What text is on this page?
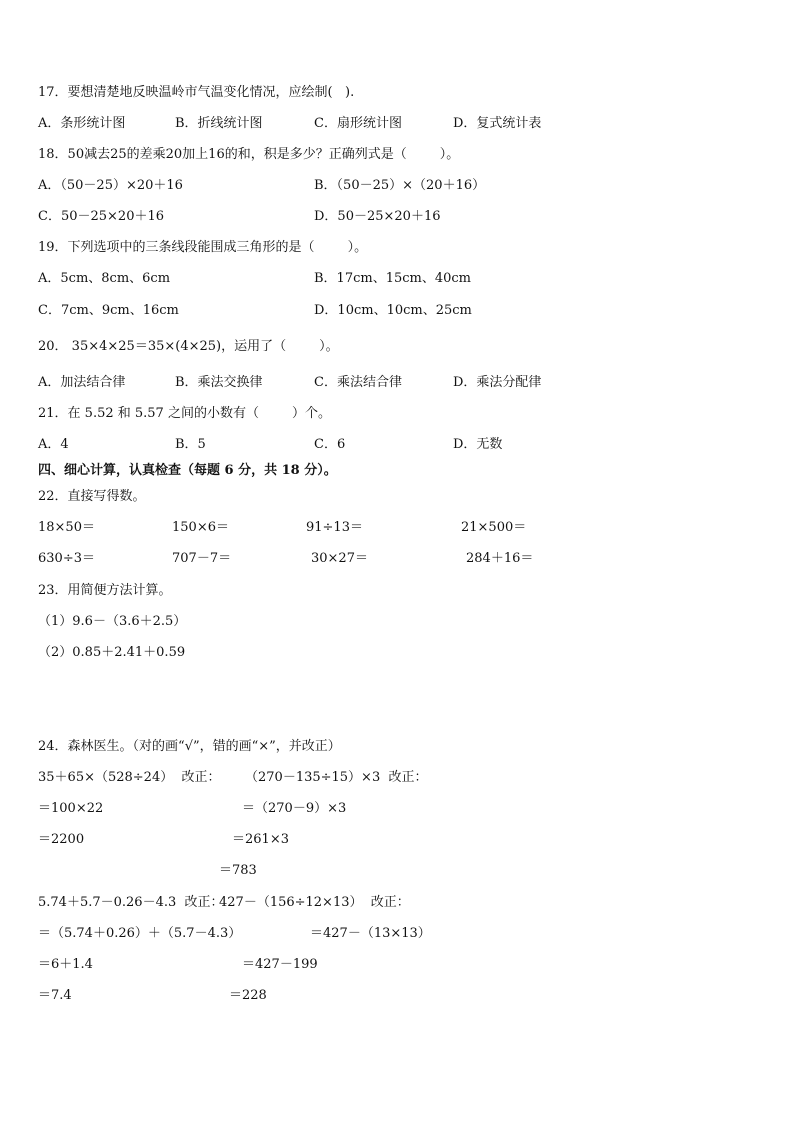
17．要想清楚地反映温岭市气温变化情况，应绘制(   ).
A．条形统计图	B．折线统计图	C．扇形统计图	D．复式统计表
18．50减去25的差乘20加上16的和，积是多少？正确列式是（        ）。
A．（50－25）×20＋16	B．（50－25）×（20＋16）
C．50－25×20＋16	D．50－25×20＋16
19．下列选项中的三条线段能围成三角形的是（        ）。
A．5cm、8cm、6cm	B．17cm、15cm、40cm
C．7cm、9cm、16cm	D．10cm、10cm、25cm
20． 35×4×25＝35×(4×25)，运用了（        ）。
A．加法结合律	B．乘法交换律	C．乘法结合律	D．乘法分配律
21．在 5.52 和 5.57 之间的小数有（        ）个。
A．4	B．5	C．6	D．无数
四、细心计算，认真检查（每题 6 分，共 18 分）。
22．直接写得数。
18×50＝	150×6＝	91÷13＝	21×500＝
630÷3＝	707－7＝	30×27＝	284＋16＝
23．用简便方法计算。
（1）9.6－（3.6＋2.5）
（2）0.85＋2.41＋0.59
24．森林医生。（对的画“√”，错的画“×”，并改正）
35＋65×（528÷24）  改正：
＝100×22
＝2200
（270－135÷15）×3  改正：
＝（270－9）×3
＝261×3
＝783
5.74＋5.7－0.26－4.3  改正：
＝（5.74＋0.26）＋（5.7－4.3）
＝6＋1.4
＝7.4
427－（156÷12×13）  改正：
＝427－（13×13）
＝427－199
＝228
